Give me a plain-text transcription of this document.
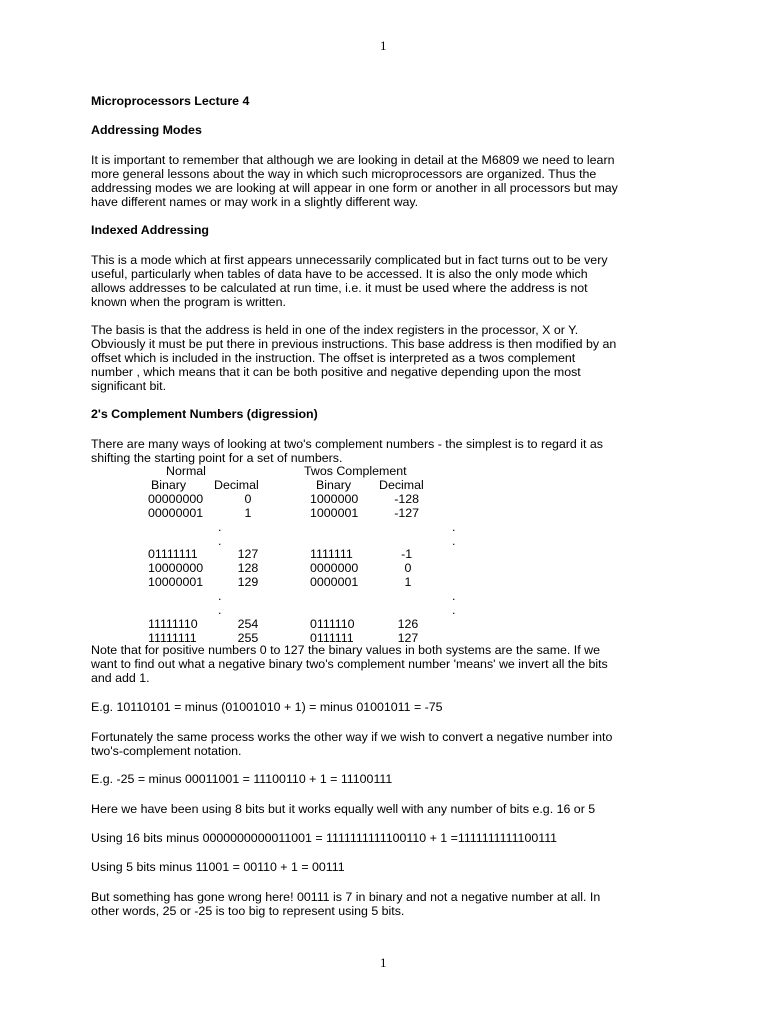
1
1
Microprocessors Lecture 4
Addressing Modes

It is important to remember that although we are looking in detail at the M6809 we need to learn

more general lessons about the way in which such microprocessors are organized. Thus the

addressing modes we are looking at will appear in one form or another in all processors but may

have different names or may work in a slightly different way.

Indexed Addressing

This is a mode which at first appears unnecessarily complicated but in fact turns out to be very

useful, particularly when tables of data have to be accessed. It is also the only mode which

allows addresses to be calculated at run time, i.e. it must be used where the address is not

known when the program is written.

The basis is that the address is held in one of the index registers in the processor, X or Y.

Obviously it must be put there in previous instructions. This base address is then modified by an

offset which is included in the instruction. The offset is interpreted as a twos complement

number , which means that it can be both positive and negative depending upon the most

significant bit.

2's Complement Numbers (digression)

There are many ways of looking at two's complement numbers - the simplest is to regard it as

shifting the starting point for a set of numbers.

Normal	Twos Complement
Binary Decimal	Binary Decimal
00000000	0	1000000	-128
00000001	1	1000001	-127
.	.
.	.
01111111	127	1111111	-1
10000000	128	0000000	0
10000001	129	0000001	1
.	.
.	.
11111110	254	0111110	126
11111111	255	0111111	127

Note that for positive numbers 0 to 127 the binary values in both systems are the same. If we

want to find out what a negative binary two's complement number 'means' we invert all the bits

and add 1.

E.g. 10110101 = minus (01001010 + 1) = minus 01001011 = -75

Fortunately the same process works the other way if we wish to convert a negative number into

two's-complement notation.

E.g. -25 = minus 00011001 = 11100110 + 1 = 11100111
Here we have been using 8 bits but it works equally well with any number of bits e.g. 16 or 5
Using 16 bits minus 0000000000011001 = 1111111111100110 + 1 =1111111111100111
Using 5 bits minus 11001 = 00110 + 1 = 00111

But something has gone wrong here! 00111 is 7 in binary and not a negative number at all. In

other words, 25 or -25 is too big to represent using 5 bits.
